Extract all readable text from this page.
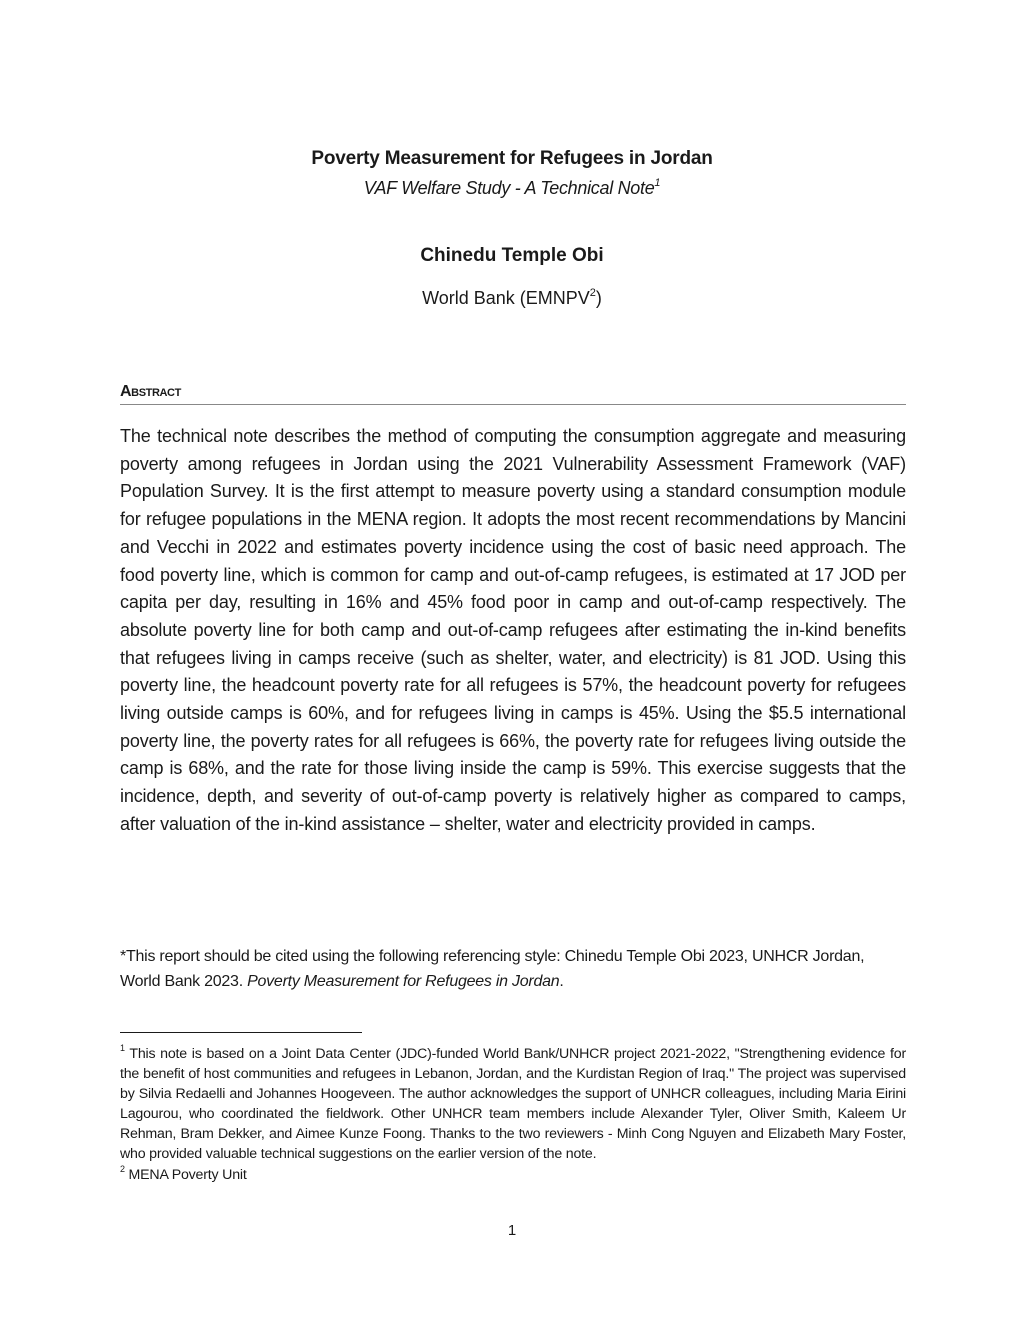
Poverty Measurement for Refugees in Jordan
VAF Welfare Study - A Technical Note$^1$
Chinedu Temple Obi
World Bank (EMNPV$^2$)
Abstract

The technical note describes the method of computing the consumption aggregate and measuring poverty among refugees in Jordan using the 2021 Vulnerability Assessment Framework (VAF) Population Survey. It is the first attempt to measure poverty using a standard consumption module for refugee populations in the MENA region. It adopts the most recent recommendations by Mancini and Vecchi in 2022 and estimates poverty incidence using the cost of basic need approach. The food poverty line, which is common for camp and out-of-camp refugees, is estimated at 17 JOD per capita per day, resulting in 16% and 45% food poor in camp and out-of-camp respectively. The absolute poverty line for both camp and out-of-camp refugees after estimating the in-kind benefits that refugees living in camps receive (such as shelter, water, and electricity) is 81 JOD. Using this poverty line, the headcount poverty rate for all refugees is 57%, the headcount poverty for refugees living outside camps is 60%, and for refugees living in camps is 45%. Using the $5.5 international poverty line, the poverty rates for all refugees is 66%, the poverty rate for refugees living outside the camp is 68%, and the rate for those living inside the camp is 59%. This exercise suggests that the incidence, depth, and severity of out-of-camp poverty is relatively higher as compared to camps, after valuation of the in-kind assistance – shelter, water and electricity provided in camps.

*This report should be cited using the following referencing style: Chinedu Temple Obi 2023, UNHCR Jordan, World Bank 2023. Poverty Measurement for Refugees in Jordan.

$^1$ This note is based on a Joint Data Center (JDC)-funded World Bank/UNHCR project 2021-2022, "Strengthening evidence for the benefit of host communities and refugees in Lebanon, Jordan, and the Kurdistan Region of Iraq." The project was supervised by Silvia Redaelli and Johannes Hoogeveen. The author acknowledges the support of UNHCR colleagues, including Maria Eirini Lagourou, who coordinated the fieldwork. Other UNHCR team members include Alexander Tyler, Oliver Smith, Kaleem Ur Rehman, Bram Dekker, and Aimee Kunze Foong. Thanks to the two reviewers - Minh Cong Nguyen and Elizabeth Mary Foster, who provided valuable technical suggestions on the earlier version of the note.

$^2$ MENA Poverty Unit

1
